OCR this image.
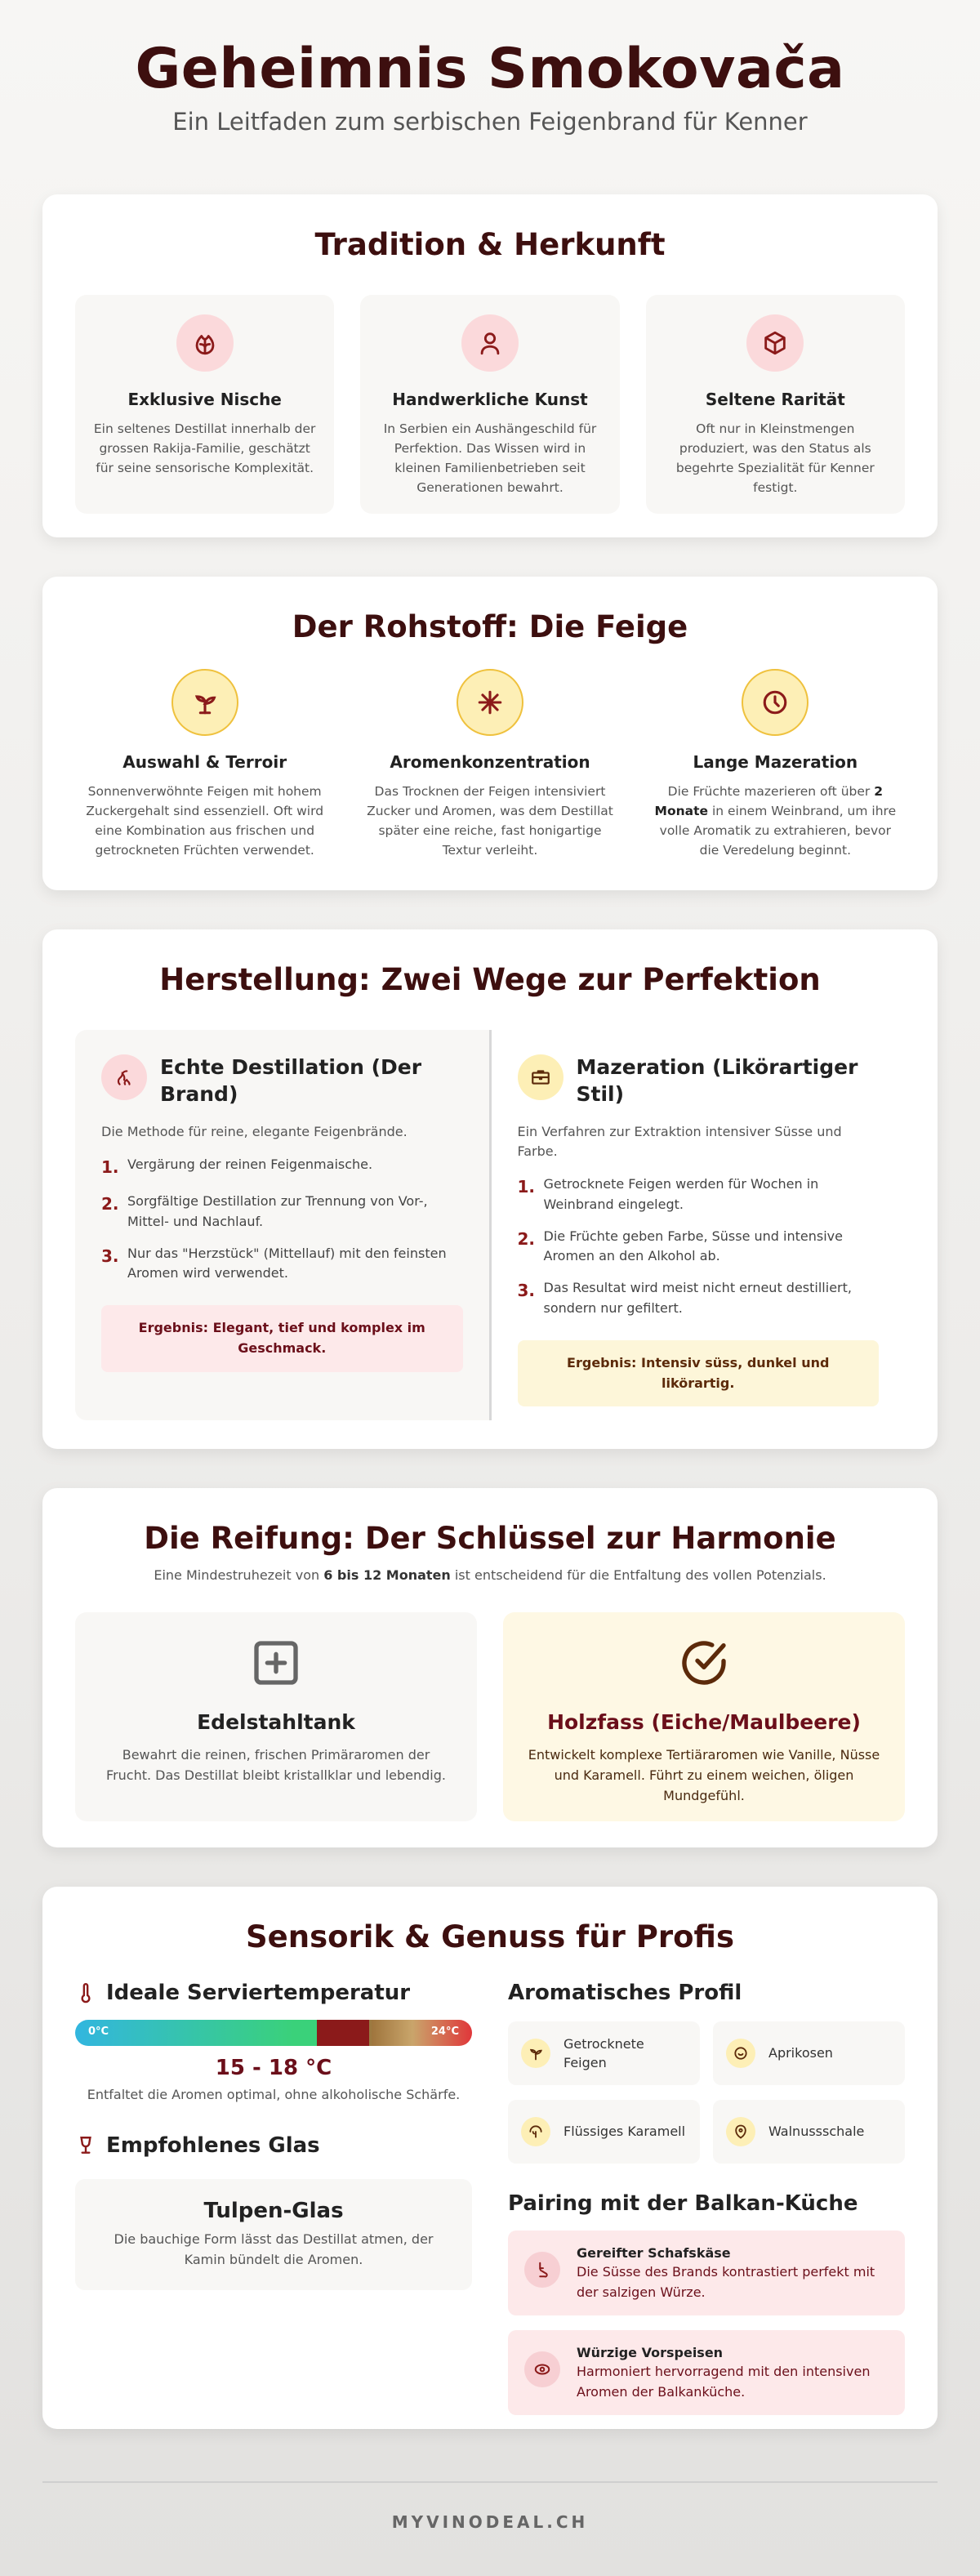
Geheimnis Smokovača

Ein Leitfaden zum serbischen Feigenbrand für Kenner

Tradition & Herkunft
Exklusive Nische

Ein seltenes Destillat innerhalb der grossen Rakija-Familie, geschätzt für seine sensorische Komplexität.

Handwerkliche Kunst

In Serbien ein Aushängeschild für Perfektion. Das Wissen wird in kleinen Familienbetrieben seit Generationen bewahrt.

Seltene Rarität

Oft nur in Kleinstmengen produziert, was den Status als begehrte Spezialität für Kenner festigt.

Der Rohstoff: Die Feige
Auswahl & Terroir

Sonnenverwöhnte Feigen mit hohem Zuckergehalt sind essenziell. Oft wird eine Kombination aus frischen und getrockneten Früchten verwendet.

Aromenkonzentration

Das Trocknen der Feigen intensiviert Zucker und Aromen, was dem Destillat später eine reiche, fast honigartige Textur verleiht.

Lange Mazeration

Die Früchte mazerieren oft über 2 Monate in einem Weinbrand, um ihre volle Aromatik zu extrahieren, bevor die Veredelung beginnt.

Herstellung: Zwei Wege zur Perfektion
Echte Destillation (Der Brand)

Die Methode für reine, elegante Feigenbrände.

1. Vergärung der reinen Feigenmaische.
2. Sorgfältige Destillation zur Trennung von Vor-, Mittel- und Nachlauf.
3. Nur das "Herzstück" (Mittellauf) mit den feinsten Aromen wird verwendet.
Ergebnis: Elegant, tief und komplex im Geschmack.
Mazeration (Likörartiger Stil)

Ein Verfahren zur Extraktion intensiver Süsse und Farbe.

1. Getrocknete Feigen werden für Wochen in Weinbrand eingelegt.
2. Die Früchte geben Farbe, Süsse und intensive Aromen an den Alkohol ab.
3. Das Resultat wird meist nicht erneut destilliert, sondern nur gefiltert.
Ergebnis: Intensiv süss, dunkel und likörartig.
Die Reifung: Der Schlüssel zur Harmonie

Eine Mindestruhezeit von 6 bis 12 Monaten ist entscheidend für die Entfaltung des vollen Potenzials.

Edelstahltank

Bewahrt die reinen, frischen Primäraromen der Frucht. Das Destillat bleibt kristallklar und lebendig.

Holzfass (Eiche/Maulbeere)

Entwickelt komplexe Tertiäraromen wie Vanille, Nüsse und Karamell. Führt zu einem weichen, öligen Mundgefühl.

Sensorik & Genuss für Profis
Ideale Serviertemperatur
0°C	24°C
15 - 18 °C
Entfaltet die Aromen optimal, ohne alkoholische Schärfe.
Empfohlenes Glas
Tulpen-Glas

Die bauchige Form lässt das Destillat atmen, der Kamin bündelt die Aromen.

Aromatisches Profil
Getrocknete Feigen
Aprikosen
Flüssiges Karamell	Walnussschale
Pairing mit der Balkan-Küche
Gereifter Schafskäse

Die Süsse des Brands kontrastiert perfekt mit der salzigen Würze.

Würzige Vorspeisen

Harmoniert hervorragend mit den intensiven Aromen der Balkanküche.

MYVINODEAL.CH
